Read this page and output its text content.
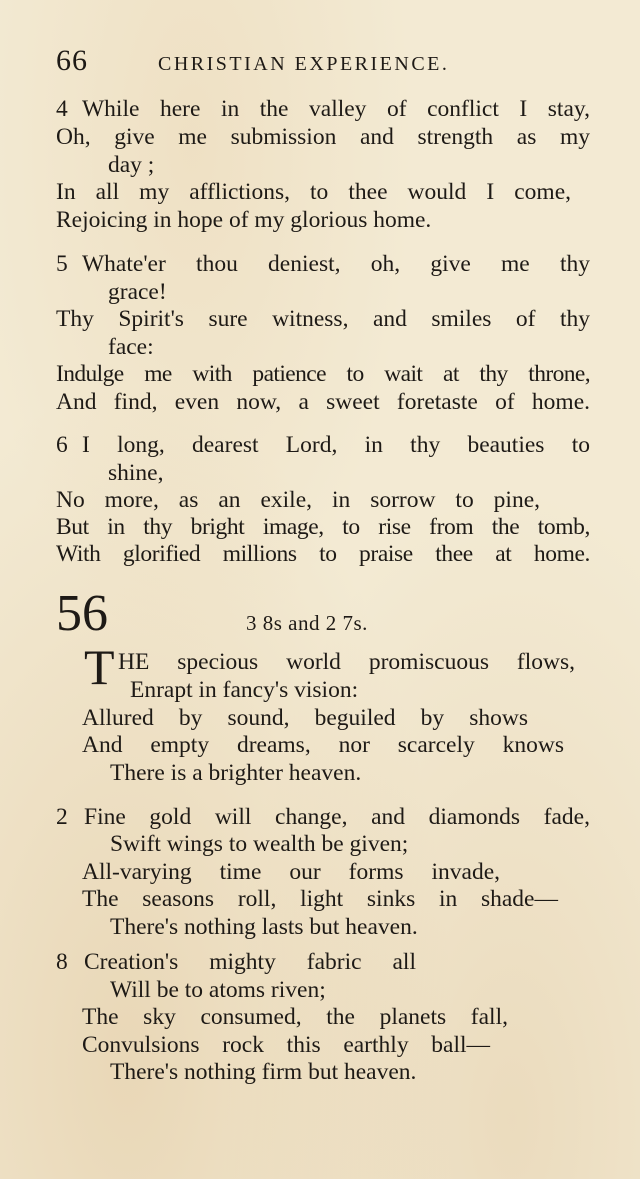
66	CHRISTIAN EXPERIENCE.
4 While here in the valley of conflict I stay,
Oh, give me submission and strength as my
day ;
In all my afflictions, to thee would I come,
Rejoicing in hope of my glorious home.
5 Whate'er thou deniest, oh, give me thy
grace!
Thy Spirit's sure witness, and smiles of thy
face:
Indulge me with patience to wait at thy throne,
And find, even now, a sweet foretaste of home.
6 I long, dearest Lord, in thy beauties to
shine,
No more, as an exile, in sorrow to pine,
But in thy bright image, to rise from the tomb,
With glorified millions to praise thee at home.
56	3 8s and 2 7s.
T HE specious world promiscuous flows,
Enrapt in fancy's vision:
Allured by sound, beguiled by shows
And empty dreams, nor scarcely knows
There is a brighter heaven.
2 Fine gold will change, and diamonds fade,
Swift wings to wealth be given;
All-varying time our forms invade,
The seasons roll, light sinks in shade—
There's nothing lasts but heaven.
8 Creation's mighty fabric all
Will be to atoms riven;
The sky consumed, the planets fall,
Convulsions rock this earthly ball—
There's nothing firm but heaven.
